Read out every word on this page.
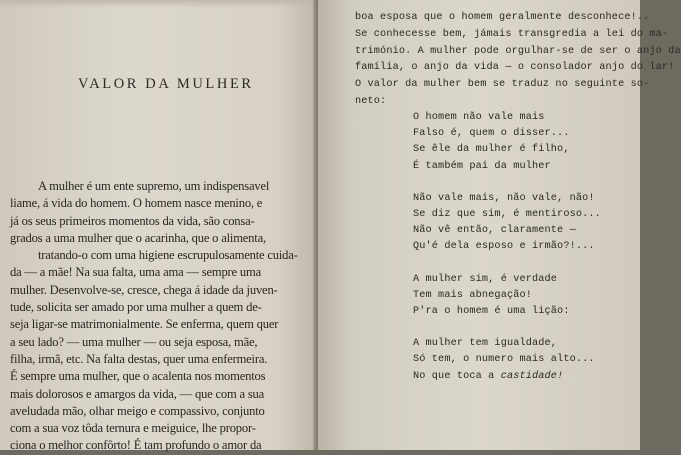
VALOR DA MULHER
A mulher é um ente supremo, um indispensavel
liame, á vida do homem. O homem nasce menino, e
já os seus primeiros momentos da vida, são consa-
grados a uma mulher que o acarinha, que o alimenta,
tratando-o com uma higiene escrupulosamente cuida-
da — a mãe! Na sua falta, uma ama — sempre uma
mulher. Desenvolve-se, cresce, chega á idade da juven-
tude, solicita ser amado por uma mulher a quem de-
seja ligar-se matrimonialmente. Se enferma, quem quer
a seu lado? — uma mulher — ou seja esposa, mãe,
filha, irmã, etc. Na falta destas, quer uma enfermeira.
É sempre uma mulher, que o acalenta nos momentos
mais dolorosos e amargos da vida, — que com a sua
aveludada mão, olhar meigo e compassivo, conjunto
com a sua voz tôda ternura e meiguice, lhe propor-
ciona o melhor confôrto! É tam profundo o amor da
boa esposa que o homem geralmente desconhece!..
Se conhecesse bem, jámais transgredia a lei do ma-
trimónio. A mulher pode orgulhar-se de ser o anjo da
família, o anjo da vida — o consolador anjo do lar!
O valor da mulher bem se traduz no seguinte so-
neto:
O homem não vale mais
Falso é, quem o disser...
Se êle da mulher é filho,
É também pai da mulher
Não vale mais, não vale, não!
Se diz que sim, é mentiroso...
Não vê então, claramente —
Qu'é dela esposo e irmão?!...
A mulher sim, é verdade
Tem mais abnegação!
P'ra o homem é uma lição:
A mulher tem igualdade,
Só tem, o numero mais alto...
No que toca a castidade!
